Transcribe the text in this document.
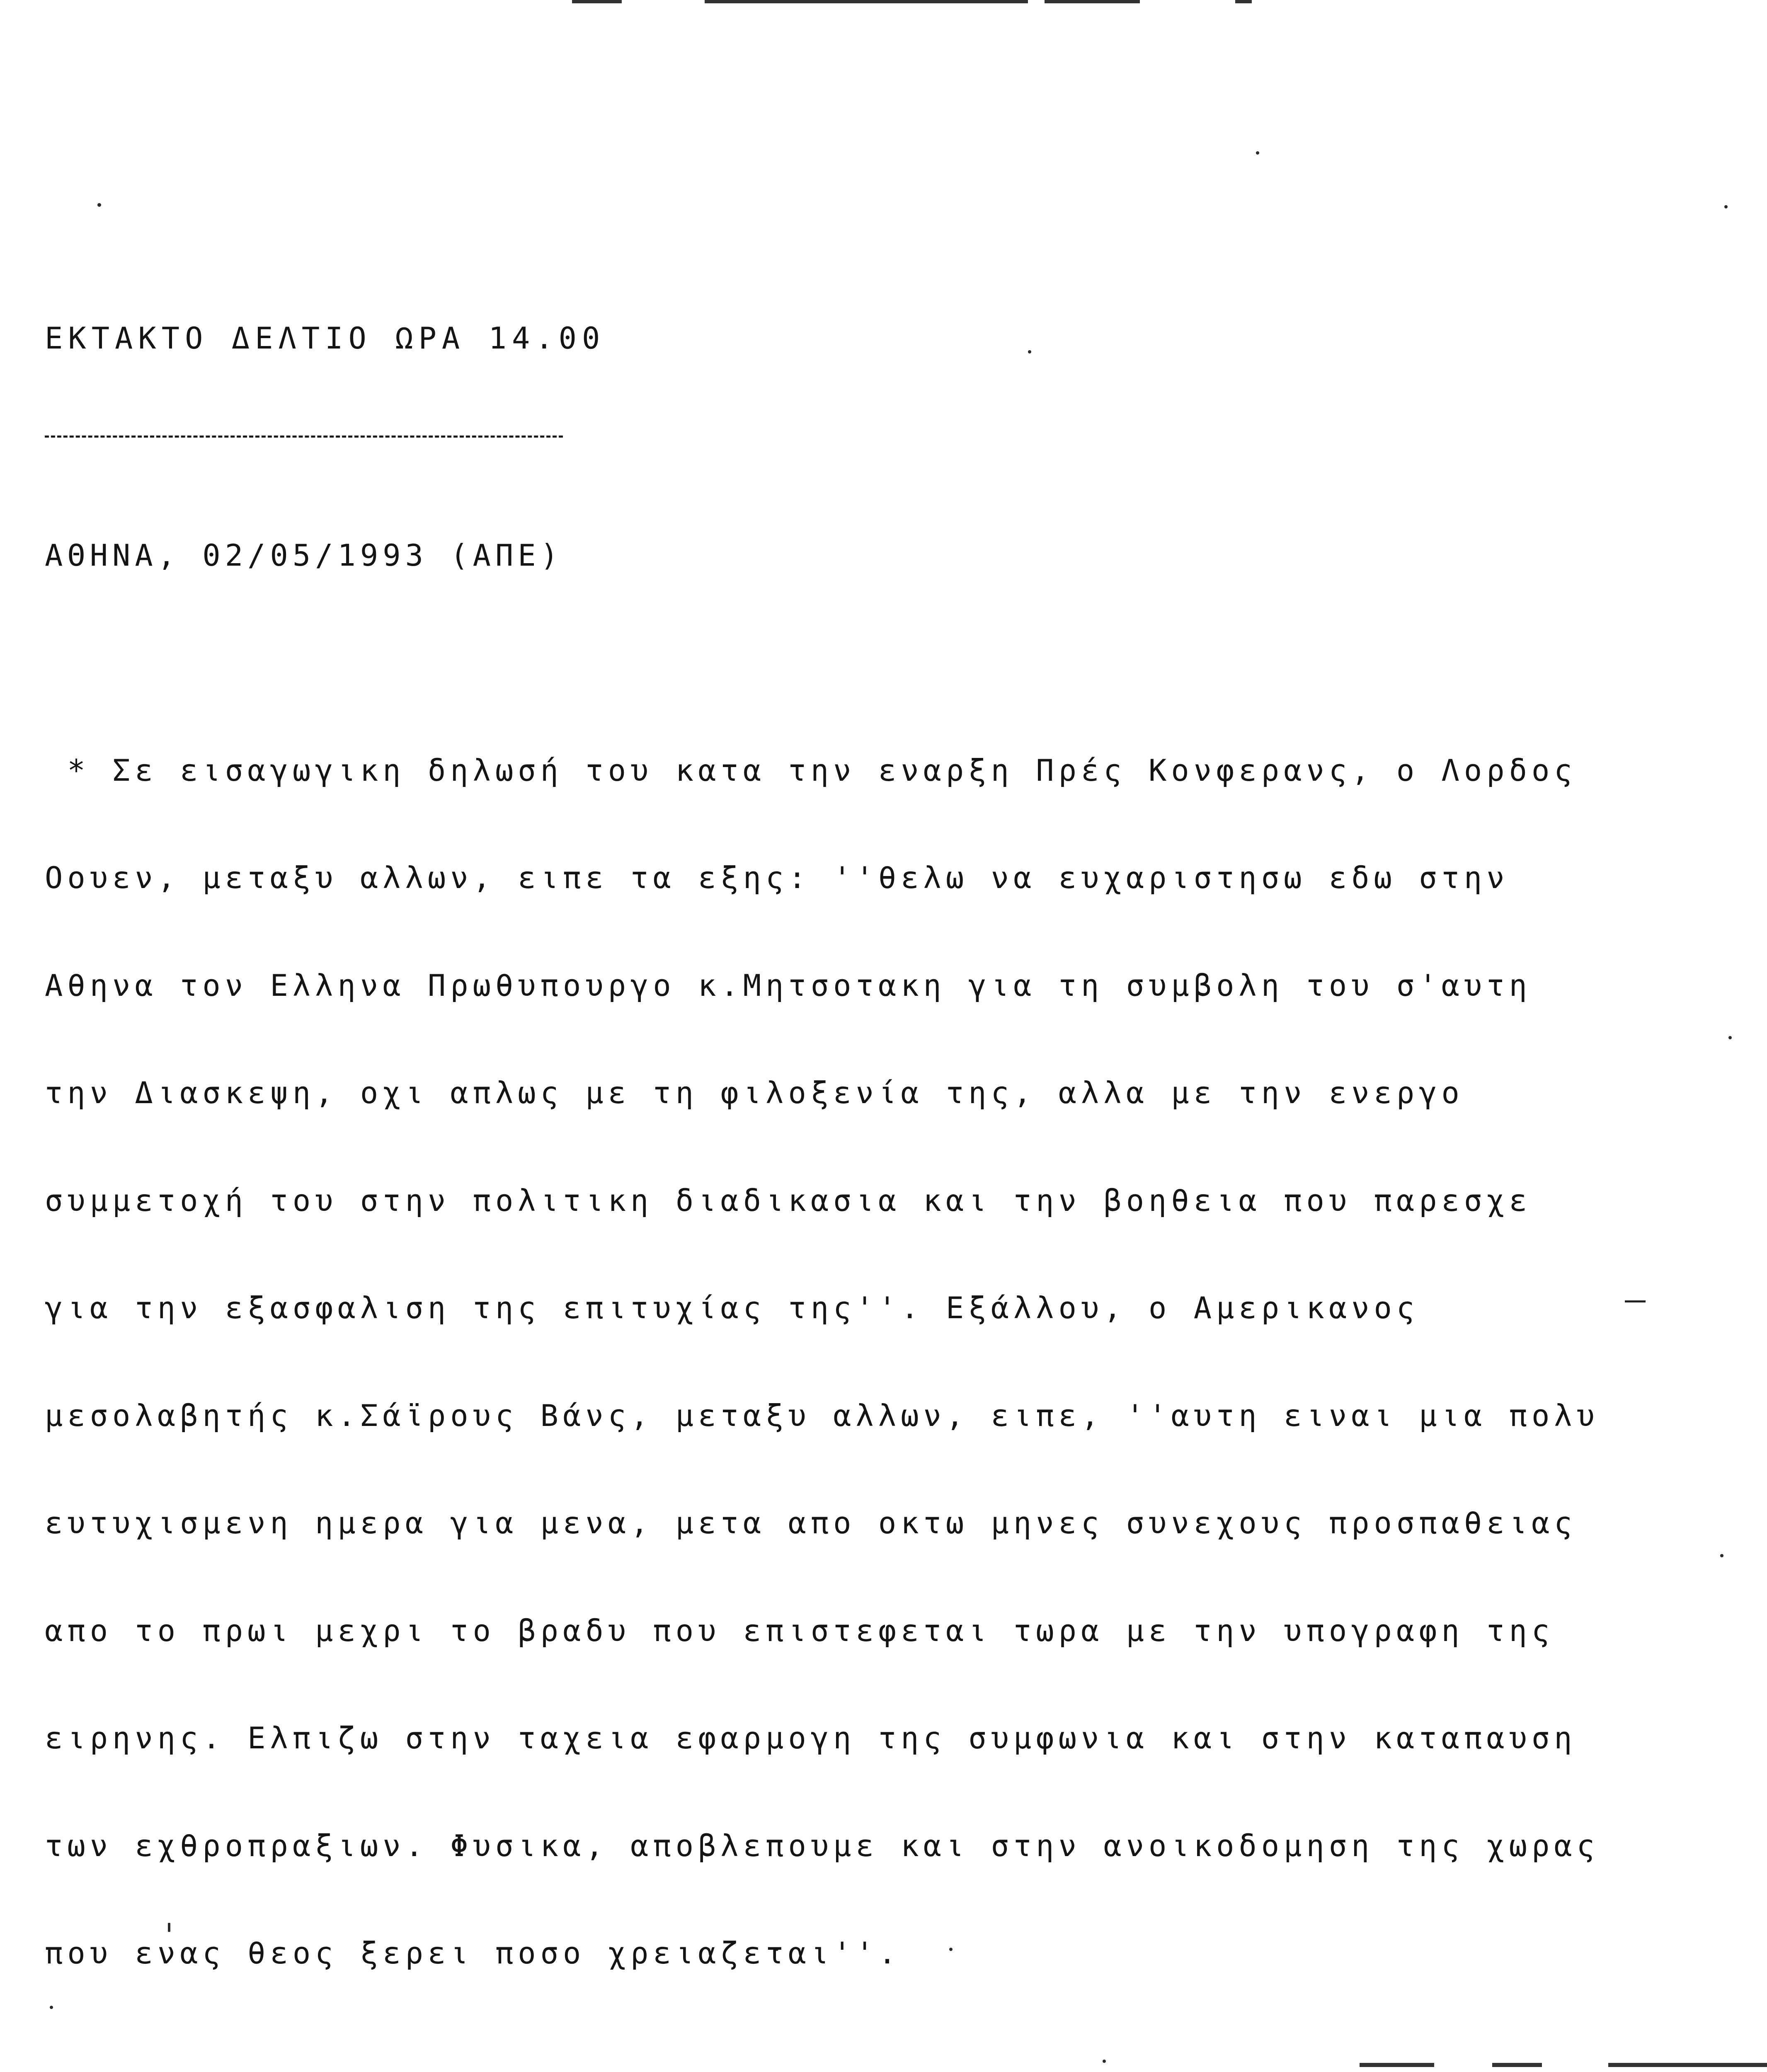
ΕΚΤΑΚΤΟ ΔΕΛΤΙΟ ΩΡΑ 14.00

ΑΘΗΝΑ, 02/05/1993 (ΑΠΕ)

* Σε εισαγωγικη δηλωσή του κατα την εναρξη Πρές Κονφερανς, ο Λορδος

Οουεν, μεταξυ αλλων, ειπε τα εξης: ''θελω να ευχαριστησω εδω στην

Αθηνα τον Ελληνα Πρωθυπουργο κ.Μητσοτακη για τη συμβολη του σ'αυτη

την Διασκεψη, οχι απλως με τη φιλοξενία της, αλλα με την ενεργο

συμμετοχή του στην πολιτικη διαδικασια και την βοηθεια που παρεσχε

για την εξασφαλιση της επιτυχίας της''. Εξάλλου, ο Αμερικανος

μεσολαβητής κ.Σάϊρους Βάνς, μεταξυ αλλων, ειπε, ''αυτη ειναι μια πολυ

ευτυχισμενη ημερα για μενα, μετα απο οκτω μηνες συνεχους προσπαθειας

απο το πρωι μεχρι το βραδυ που επιστεφεται τωρα με την υπογραφη της

ειρηνης. Ελπιζω στην ταχεια εφαρμογη της συμφωνια και στην καταπαυση

των εχθροπραξιων. Φυσικα, αποβλεπουμε και στην ανοικοδομηση της χωρας

που ενας θεος ξερει ποσο χρειαζεται''.
